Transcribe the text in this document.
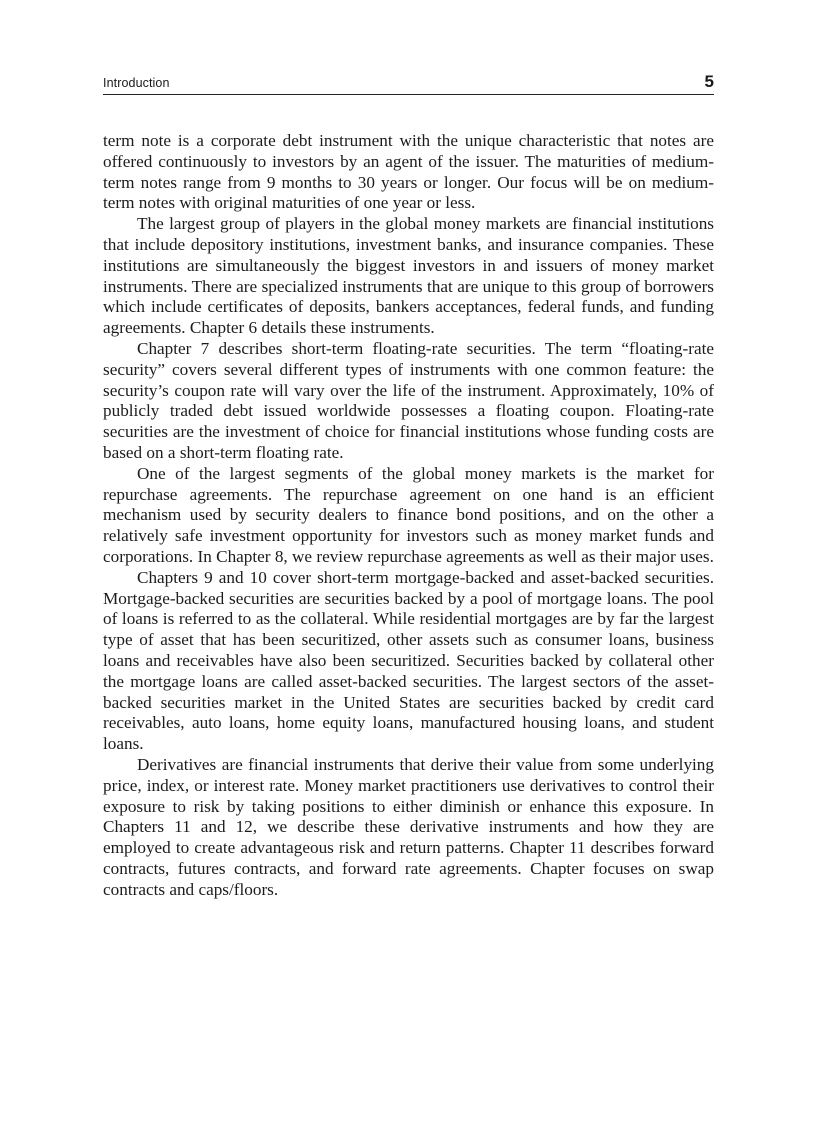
Introduction	5

term note is a corporate debt instrument with the unique characteristic that notes are offered continuously to investors by an agent of the issuer. The maturities of medium-term notes range from 9 months to 30 years or longer. Our focus will be on medium-term notes with original maturities of one year or less.

The largest group of players in the global money markets are financial institutions that include depository institutions, investment banks, and insurance companies. These institutions are simultaneously the biggest investors in and issuers of money market instruments. There are specialized instruments that are unique to this group of borrowers which include certificates of deposits, bankers acceptances, federal funds, and funding agreements. Chapter 6 details these instruments.

Chapter 7 describes short-term floating-rate securities. The term “floating-rate security” covers several different types of instruments with one common feature: the security’s coupon rate will vary over the life of the instrument. Approximately, 10% of publicly traded debt issued worldwide possesses a floating coupon. Floating-rate securities are the investment of choice for financial institutions whose funding costs are based on a short-term floating rate.

One of the largest segments of the global money markets is the market for repurchase agreements. The repurchase agreement on one hand is an efficient mechanism used by security dealers to finance bond positions, and on the other a relatively safe investment opportunity for investors such as money market funds and corporations. In Chapter 8, we review repurchase agreements as well as their major uses.

Chapters 9 and 10 cover short-term mortgage-backed and asset-backed securities. Mortgage-backed securities are securities backed by a pool of mortgage loans. The pool of loans is referred to as the collateral. While residential mortgages are by far the largest type of asset that has been securitized, other assets such as consumer loans, business loans and receivables have also been securitized. Securities backed by collateral other the mortgage loans are called asset-backed securities. The largest sectors of the asset-backed securities market in the United States are securities backed by credit card receivables, auto loans, home equity loans, manufactured housing loans, and student loans.

Derivatives are financial instruments that derive their value from some underlying price, index, or interest rate. Money market practitioners use derivatives to control their exposure to risk by taking positions to either diminish or enhance this exposure. In Chapters 11 and 12, we describe these derivative instruments and how they are employed to create advantageous risk and return patterns. Chapter 11 describes forward contracts, futures contracts, and forward rate agreements. Chapter focuses on swap contracts and caps/floors.
